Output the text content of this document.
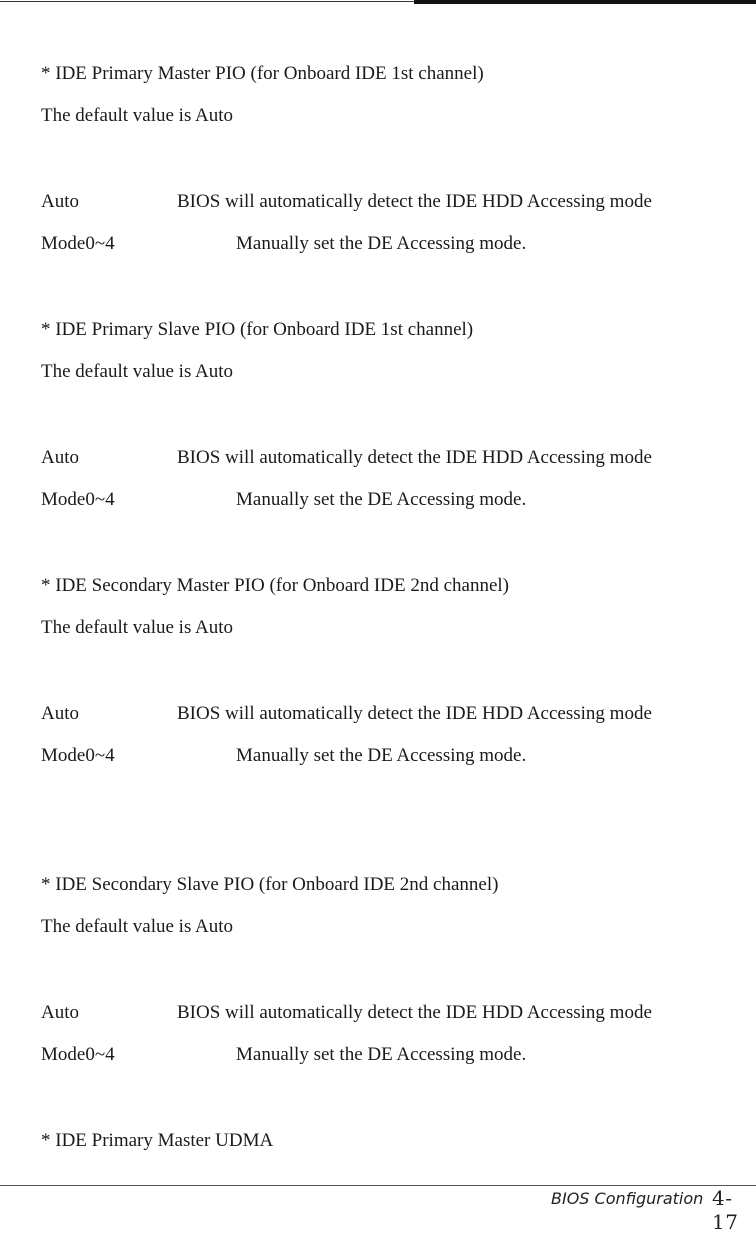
* IDE Primary Master PIO (for Onboard IDE 1st channel)
The default value is Auto
Auto	BIOS will automatically detect the IDE HDD Accessing mode
Mode0~4	Manually set the DE Accessing mode.
* IDE Primary Slave PIO (for Onboard IDE 1st channel)
The default value is Auto
Auto	BIOS will automatically detect the IDE HDD Accessing mode
Mode0~4	Manually set the DE Accessing mode.
* IDE Secondary Master PIO (for Onboard IDE 2nd channel)
The default value is Auto
Auto	BIOS will automatically detect the IDE HDD Accessing mode
Mode0~4	Manually set the DE Accessing mode.
* IDE Secondary Slave PIO (for Onboard IDE 2nd channel)
The default value is Auto
Auto	BIOS will automatically detect the IDE HDD Accessing mode
Mode0~4	Manually set the DE Accessing mode.
* IDE Primary Master UDMA
BIOS Configuration 4-17
